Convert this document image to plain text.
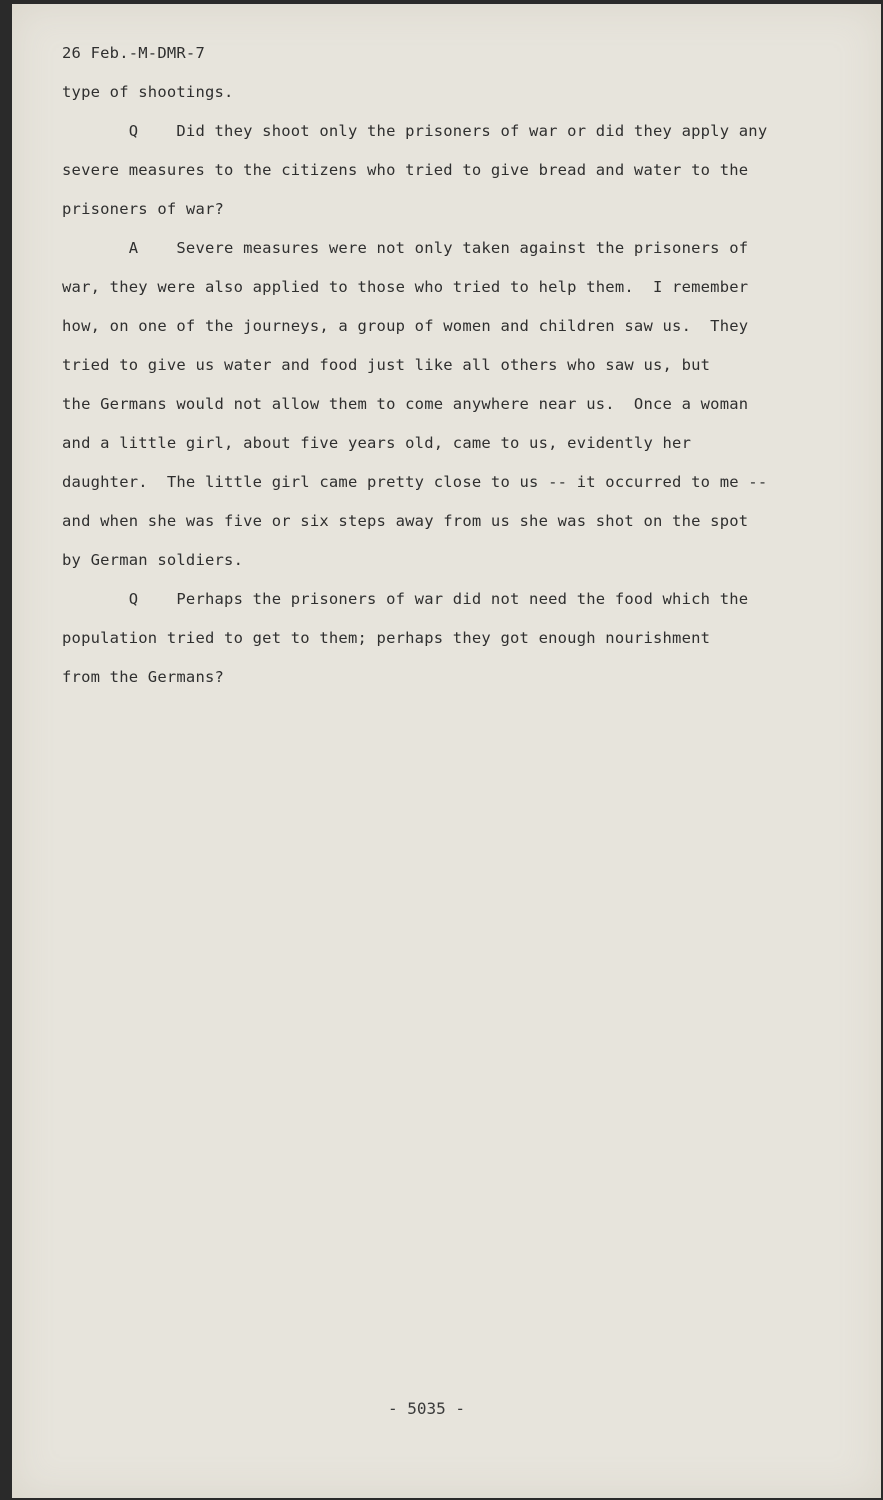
26 Feb.-M-DMR-7
type of shootings.
Q    Did they shoot only the prisoners of war or did they apply any
severe measures to the citizens who tried to give bread and water to the
prisoners of war?
A    Severe measures were not only taken against the prisoners of
war, they were also applied to those who tried to help them.  I remember
how, on one of the journeys, a group of women and children saw us.  They
tried to give us water and food just like all others who saw us, but
the Germans would not allow them to come anywhere near us.  Once a woman
and a little girl, about five years old, came to us, evidently her
daughter.  The little girl came pretty close to us -- it occurred to me --
and when she was five or six steps away from us she was shot on the spot
by German soldiers.
Q    Perhaps the prisoners of war did not need the food which the
population tried to get to them; perhaps they got enough nourishment
from the Germans?
- 5035 -
